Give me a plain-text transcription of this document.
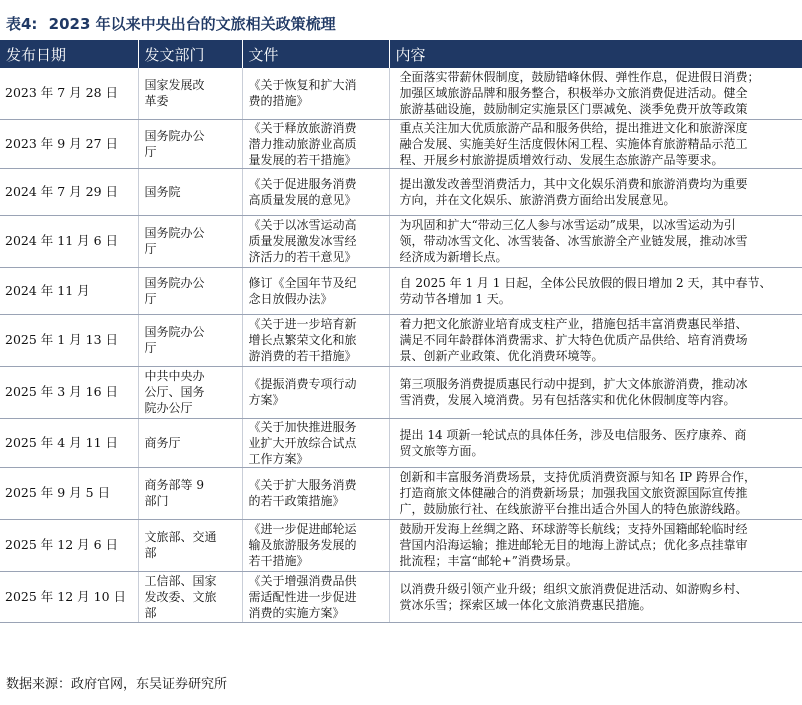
表4: 2023 年以来中央出台的文旅相关政策梳理
发布日期	发文部门	文件	内容
2023 年 7 月 28 日	国家发展改
革委	《关于恢复和扩大消
费的措施》	全面落实带薪休假制度，鼓励错峰休假、弹性作息，促进假日消费；
加强区域旅游品牌和服务整合，积极举办文旅消费促进活动。健全
旅游基础设施，鼓励制定实施景区门票减免、淡季免费开放等政策

2023 年 9 月 27 日	国务院办公
厅	《关于释放旅游消费
潜力推动旅游业高质
量发展的若干措施》	重点关注加大优质旅游产品和服务供给，提出推进文化和旅游深度
融合发展、实施美好生活度假休闲工程、实施体育旅游精品示范工
程、开展乡村旅游提质增效行动、发展生态旅游产品等要求。

2024 年 7 月 29 日	国务院	《关于促进服务消费
高质量发展的意见》	提出激发改善型消费活力，其中文化娱乐消费和旅游消费均为重要
方向，并在文化娱乐、旅游消费方面给出发展意见。

2024 年 11 月 6 日	国务院办公
厅	《关于以冰雪运动高
质量发展激发冰雪经
济活力的若干意见》	为巩固和扩大“带动三亿人参与冰雪运动”成果，以冰雪运动为引
领，带动冰雪文化、冰雪装备、冰雪旅游全产业链发展，推动冰雪
经济成为新增长点。

2024 年 11 月	国务院办公
厅	修订《全国年节及纪
念日放假办法》	自 2025 年 1 月 1 日起，全体公民放假的假日增加 2 天，其中春节、
劳动节各增加 1 天。

2025 年 1 月 13 日	国务院办公
厅	《关于进一步培育新
增长点繁荣文化和旅
游消费的若干措施》	着力把文化旅游业培育成支柱产业，措施包括丰富消费惠民举措、
满足不同年龄群体消费需求、扩大特色优质产品供给、培育消费场
景、创新产业政策、优化消费环境等。

2025 年 3 月 16 日	中共中央办
公厅、国务
院办公厅	《提振消费专项行动
方案》	第三项服务消费提质惠民行动中提到，扩大文体旅游消费，推动冰
雪消费，发展入境消费。另有包括落实和优化休假制度等内容。

2025 年 4 月 11 日	商务厅	《关于加快推进服务
业扩大开放综合试点
工作方案》	提出 14 项新一轮试点的具体任务，涉及电信服务、医疗康养、商
贸文旅等方面。

2025 年 9 月 5 日	商务部等 9
部门	《关于扩大服务消费
的若干政策措施》	创新和丰富服务消费场景，支持优质消费资源与知名 IP 跨界合作，
打造商旅文体健融合的消费新场景；加强我国文旅资源国际宣传推
广，鼓励旅行社、在线旅游平台推出适合外国人的特色旅游线路。

2025 年 12 月 6 日	文旅部、交通
部	《进一步促进邮轮运
输及旅游服务发展的
若干措施》	鼓励开发海上丝绸之路、环球游等长航线；支持外国籍邮轮临时经
营国内沿海运输；推进邮轮无目的地海上游试点；优化多点挂靠审
批流程；丰富“邮轮+”消费场景。

2025 年 12 月 10 日	工信部、国家
发改委、文旅
部	《关于增强消费品供
需适配性进一步促进
消费的实施方案》	以消费升级引领产业升级；组织文旅消费促进活动、如游购乡村、
赏冰乐雪；探索区域一体化文旅消费惠民措施。
数据来源：政府官网，东吴证券研究所
